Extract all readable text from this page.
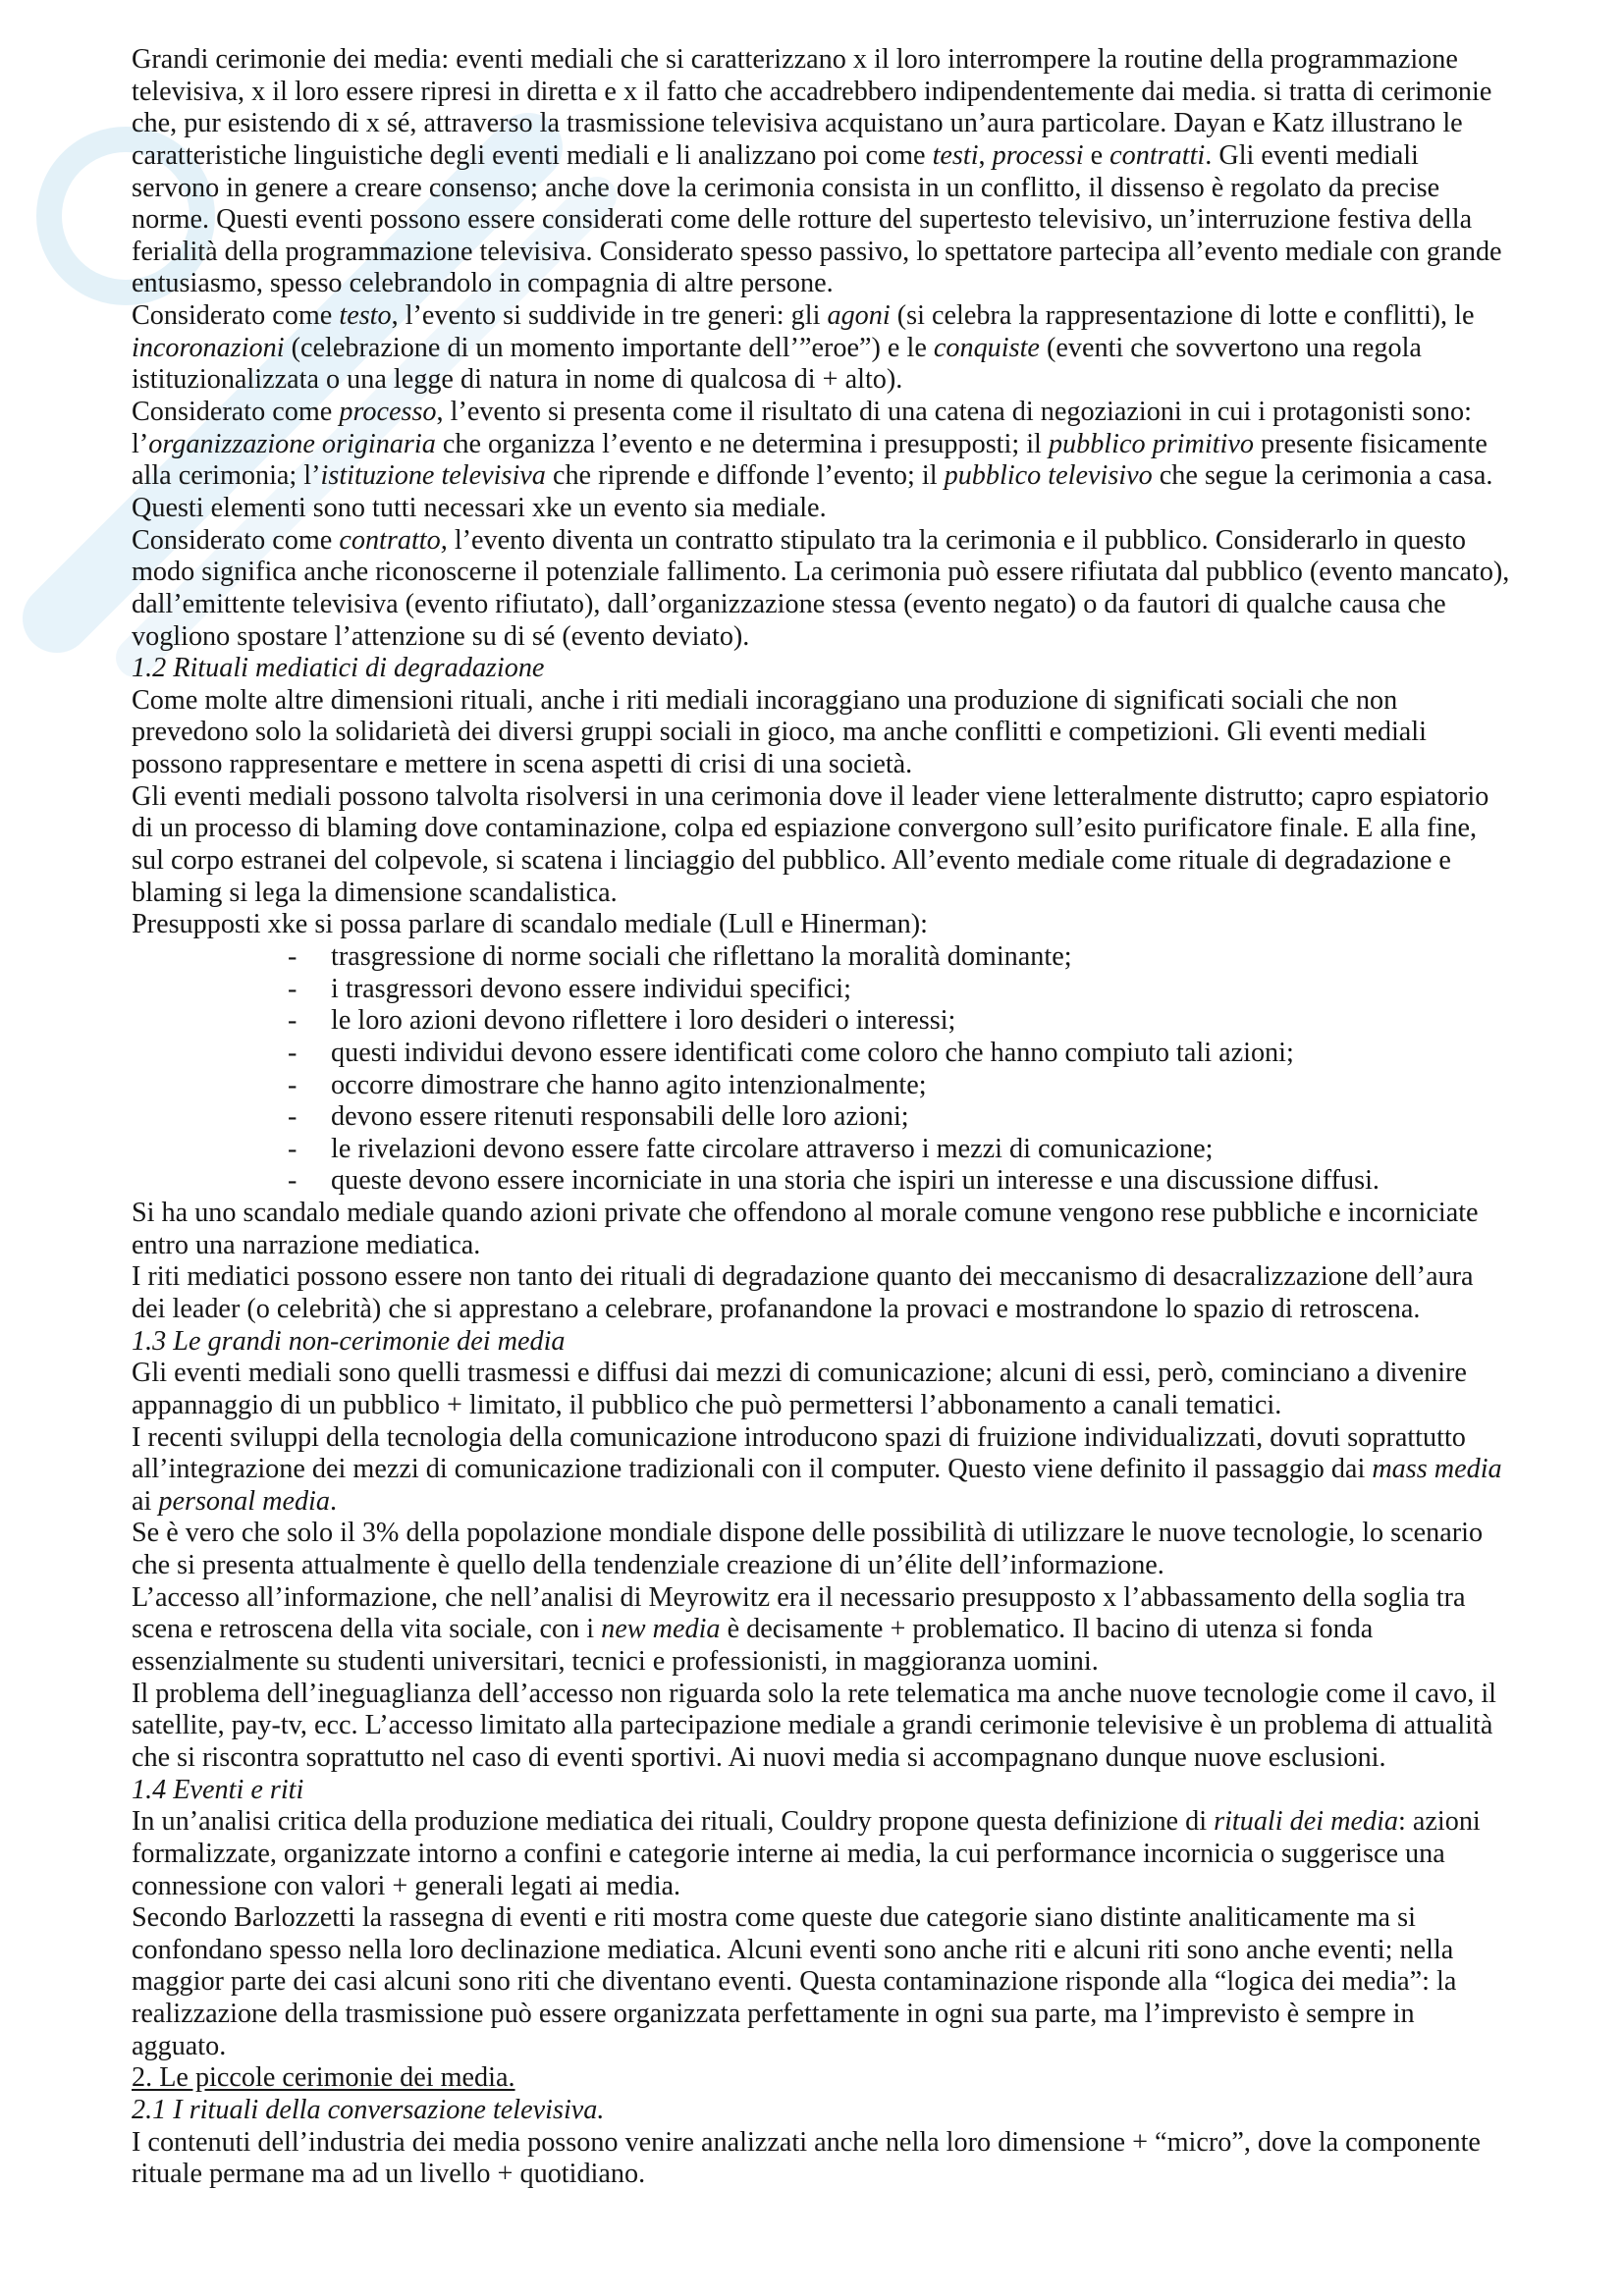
Grandi cerimonie dei media: eventi mediali che si caratterizzano x il loro interrompere la routine della programmazione
televisiva, x il loro essere ripresi in diretta e x il fatto che accadrebbero indipendentemente dai media. si tratta di cerimonie
che, pur esistendo di x sé, attraverso la trasmissione televisiva acquistano un’aura particolare. Dayan e Katz illustrano le
caratteristiche linguistiche degli eventi mediali e li analizzano poi come testi, processi e contratti. Gli eventi mediali
servono in genere a creare consenso; anche dove la cerimonia consista in un conflitto, il dissenso è regolato da precise
norme. Questi eventi possono essere considerati come delle rotture del supertesto televisivo, un’interruzione festiva della
ferialità della programmazione televisiva. Considerato spesso passivo, lo spettatore partecipa all’evento mediale con grande
entusiasmo, spesso celebrandolo in compagnia di altre persone.
Considerato come testo, l’evento si suddivide in tre generi: gli agoni (si celebra la rappresentazione di lotte e conflitti), le
incoronazioni (celebrazione di un momento importante dell’”eroe”) e le conquiste (eventi che sovvertono una regola
istituzionalizzata o una legge di natura in nome di qualcosa di + alto).
Considerato come processo, l’evento si presenta come il risultato di una catena di negoziazioni in cui i protagonisti sono:
l’organizzazione originaria che organizza l’evento e ne determina i presupposti; il pubblico primitivo presente fisicamente
alla cerimonia; l’istituzione televisiva che riprende e diffonde l’evento; il pubblico televisivo che segue la cerimonia a casa.
Questi elementi sono tutti necessari xke un evento sia mediale.
Considerato come contratto, l’evento diventa un contratto stipulato tra la cerimonia e il pubblico. Considerarlo in questo
modo significa anche riconoscerne il potenziale fallimento. La cerimonia può essere rifiutata dal pubblico (evento mancato),
dall’emittente televisiva (evento rifiutato), dall’organizzazione stessa (evento negato) o da fautori di qualche causa che
vogliono spostare l’attenzione su di sé (evento deviato).
1.2 Rituali mediatici di degradazione
Come molte altre dimensioni rituali, anche i riti mediali incoraggiano una produzione di significati sociali che non
prevedono solo la solidarietà dei diversi gruppi sociali in gioco, ma anche conflitti e competizioni. Gli eventi mediali
possono rappresentare e mettere in scena aspetti di crisi di una società.
Gli eventi mediali possono talvolta risolversi in una cerimonia dove il leader viene letteralmente distrutto; capro espiatorio
di un processo di blaming dove contaminazione, colpa ed espiazione convergono sull’esito purificatore finale. E alla fine,
sul corpo estranei del colpevole, si scatena i linciaggio del pubblico. All’evento mediale come rituale di degradazione e
blaming si lega la dimensione scandalistica.
Presupposti xke si possa parlare di scandalo mediale (Lull e Hinerman):
- trasgressione di norme sociali che riflettano la moralità dominante;
- i trasgressori devono essere individui specifici;
- le loro azioni devono riflettere i loro desideri o interessi;
- questi individui devono essere identificati come coloro che hanno compiuto tali azioni;
- occorre dimostrare che hanno agito intenzionalmente;
- devono essere ritenuti responsabili delle loro azioni;
- le rivelazioni devono essere fatte circolare attraverso i mezzi di comunicazione;
- queste devono essere incorniciate in una storia che ispiri un interesse e una discussione diffusi.
Si ha uno scandalo mediale quando azioni private che offendono al morale comune vengono rese pubbliche e incorniciate
entro una narrazione mediatica.
I riti mediatici possono essere non tanto dei rituali di degradazione quanto dei meccanismo di desacralizzazione dell’aura
dei leader (o celebrità) che si apprestano a celebrare, profanandone la provaci e mostrandone lo spazio di retroscena.
1.3 Le grandi non-cerimonie dei media
Gli eventi mediali sono quelli trasmessi e diffusi dai mezzi di comunicazione; alcuni di essi, però, cominciano a divenire
appannaggio di un pubblico + limitato, il pubblico che può permettersi l’abbonamento a canali tematici.
I recenti sviluppi della tecnologia della comunicazione introducono spazi di fruizione individualizzati, dovuti soprattutto
all’integrazione dei mezzi di comunicazione tradizionali con il computer. Questo viene definito il passaggio dai mass media
ai personal media.
Se è vero che solo il 3% della popolazione mondiale dispone delle possibilità di utilizzare le nuove tecnologie, lo scenario
che si presenta attualmente è quello della tendenziale creazione di un’élite dell’informazione.
L’accesso all’informazione, che nell’analisi di Meyrowitz era il necessario presupposto x l’abbassamento della soglia tra
scena e retroscena della vita sociale, con i new media è decisamente + problematico. Il bacino di utenza si fonda
essenzialmente su studenti universitari, tecnici e professionisti, in maggioranza uomini.
Il problema dell’ineguaglianza dell’accesso non riguarda solo la rete telematica ma anche nuove tecnologie come il cavo, il
satellite, pay-tv, ecc. L’accesso limitato alla partecipazione mediale a grandi cerimonie televisive è un problema di attualità
che si riscontra soprattutto nel caso di eventi sportivi. Ai nuovi media si accompagnano dunque nuove esclusioni.
1.4 Eventi e riti
In un’analisi critica della produzione mediatica dei rituali, Couldry propone questa definizione di rituali dei media: azioni
formalizzate, organizzate intorno a confini e categorie interne ai media, la cui performance incornicia o suggerisce una
connessione con valori + generali legati ai media.
Secondo Barlozzetti la rassegna di eventi e riti mostra come queste due categorie siano distinte analiticamente ma si
confondano spesso nella loro declinazione mediatica. Alcuni eventi sono anche riti e alcuni riti sono anche eventi; nella
maggior parte dei casi alcuni sono riti che diventano eventi. Questa contaminazione risponde alla “logica dei media”: la
realizzazione della trasmissione può essere organizzata perfettamente in ogni sua parte, ma l’imprevisto è sempre in
agguato.
2. Le piccole cerimonie dei media.
2.1 I rituali della conversazione televisiva.
I contenuti dell’industria dei media possono venire analizzati anche nella loro dimensione + “micro”, dove la componente
rituale permane ma ad un livello + quotidiano.
